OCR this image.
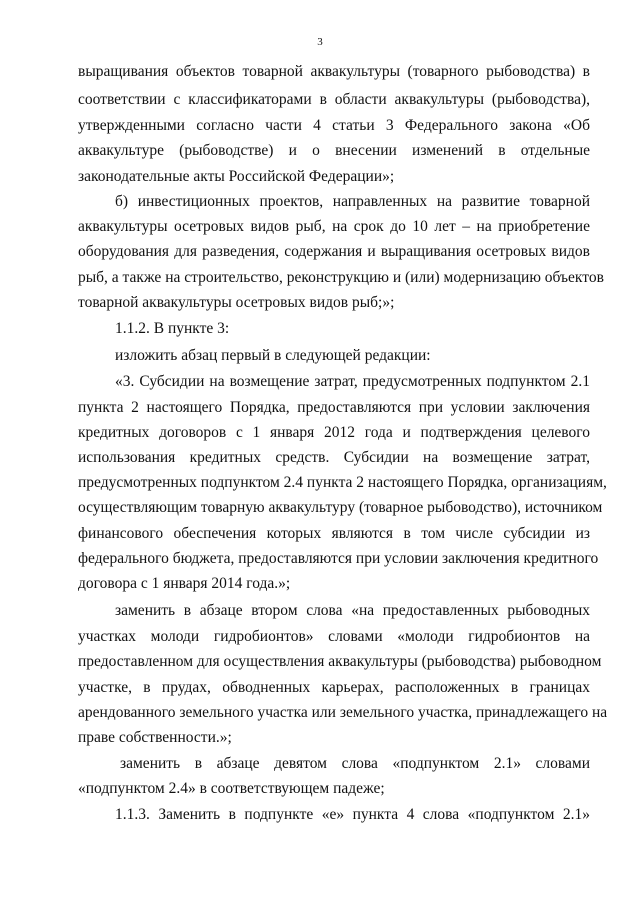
3
выращивания объектов товарной аквакультуры (товарного рыбоводства) в
соответствии с классификаторами в области аквакультуры (рыбоводства),
утвержденными согласно части 4 статьи 3 Федерального закона «Об
аквакультуре (рыбоводстве) и о внесении изменений в отдельные
законодательные акты Российской Федерации»;
б) инвестиционных проектов, направленных на развитие товарной
аквакультуры осетровых видов рыб, на срок до 10 лет – на приобретение
оборудования для разведения, содержания и выращивания осетровых видов
рыб, а также на строительство, реконструкцию и (или) модернизацию объектов
товарной аквакультуры осетровых видов рыб;»;
1.1.2. В пункте 3:
изложить абзац первый в следующей редакции:
«3. Субсидии на возмещение затрат, предусмотренных подпунктом 2.1
пункта 2 настоящего Порядка, предоставляются при условии заключения
кредитных договоров с 1 января 2012 года и подтверждения целевого
использования кредитных средств. Субсидии на возмещение затрат,
предусмотренных подпунктом 2.4 пункта 2 настоящего Порядка, организациям,
осуществляющим товарную аквакультуру (товарное рыбоводство), источником
финансового обеспечения которых являются в том числе субсидии из
федерального бюджета, предоставляются при условии заключения кредитного
договора с 1 января 2014 года.»;
заменить в абзаце втором слова «на предоставленных рыбоводных
участках молоди гидробионтов» словами «молоди гидробионтов на
предоставленном для осуществления аквакультуры (рыбоводства) рыбоводном
участке, в прудах, обводненных карьерах, расположенных в границах
арендованного земельного участка или земельного участка, принадлежащего на
праве собственности.»;
заменить в абзаце девятом слова «подпунктом 2.1» словами
«подпунктом 2.4» в соответствующем падеже;
1.1.3. Заменить в подпункте «е» пункта 4 слова «подпунктом 2.1»
